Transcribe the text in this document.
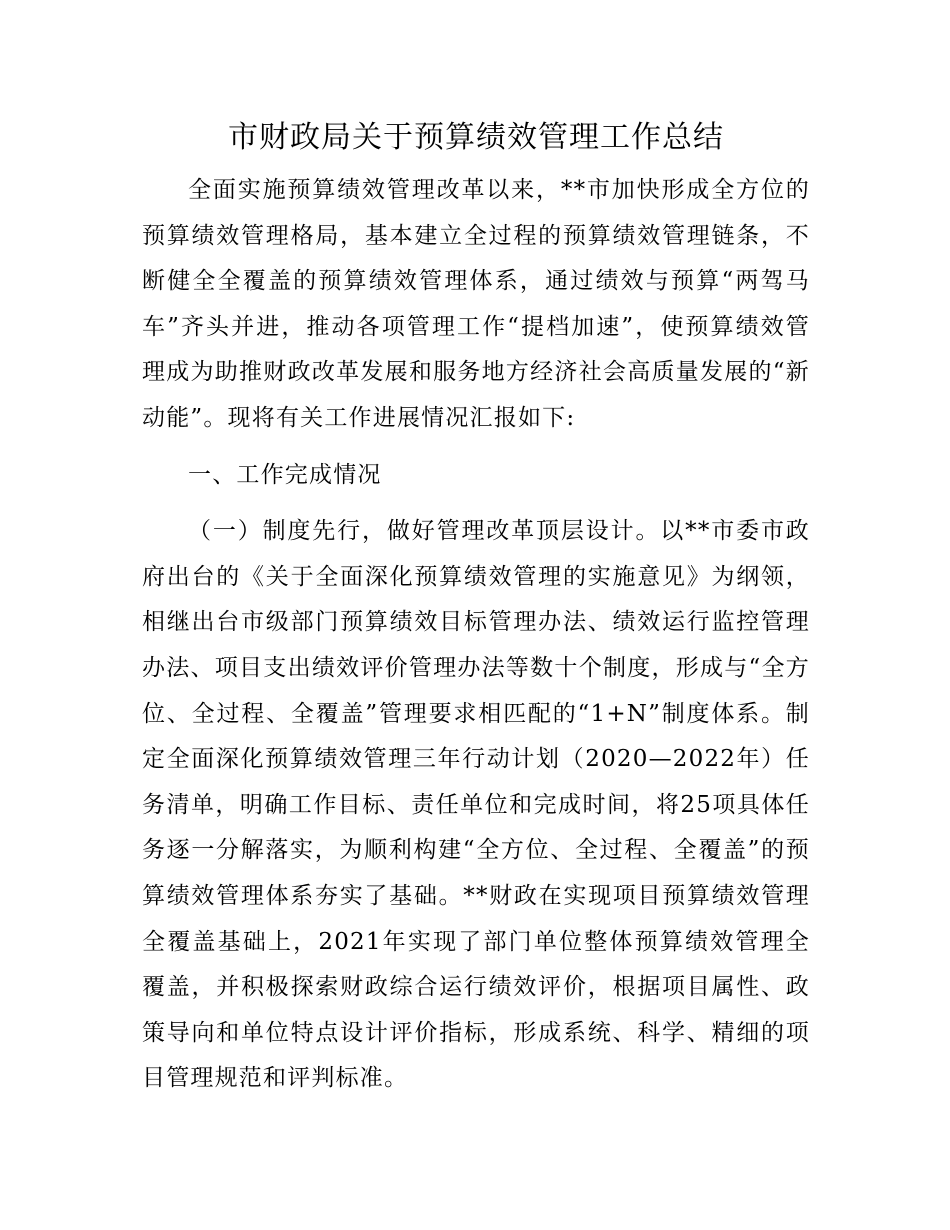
市财政局关于预算绩效管理工作总结

全面实施预算绩效管理改革以来，**市加快形成全方位的预算绩效管理格局，基本建立全过程的预算绩效管理链条，不断健全全覆盖的预算绩效管理体系，通过绩效与预算“两驾马车”齐头并进，推动各项管理工作“提档加速”，使预算绩效管理成为助推财政改革发展和服务地方经济社会高质量发展的“新动能”。现将有关工作进展情况汇报如下:

一、工作完成情况

（一）制度先行，做好管理改革顶层设计。以**市委市政府出台的《关于全面深化预算绩效管理的实施意见》为纲领，相继出台市级部门预算绩效目标管理办法、绩效运行监控管理办法、项目支出绩效评价管理办法等数十个制度，形成与“全方位、全过程、全覆盖”管理要求相匹配的“1+N”制度体系。制定全面深化预算绩效管理三年行动计划（2020—2022年）任务清单，明确工作目标、责任单位和完成时间，将25项具体任务逐一分解落实，为顺利构建“全方位、全过程、全覆盖”的预算绩效管理体系夯实了基础。**财政在实现项目预算绩效管理全覆盖基础上，2021年实现了部门单位整体预算绩效管理全覆盖，并积极探索财政综合运行绩效评价，根据项目属性、政策导向和单位特点设计评价指标，形成系统、科学、精细的项目管理规范和评判标准。
